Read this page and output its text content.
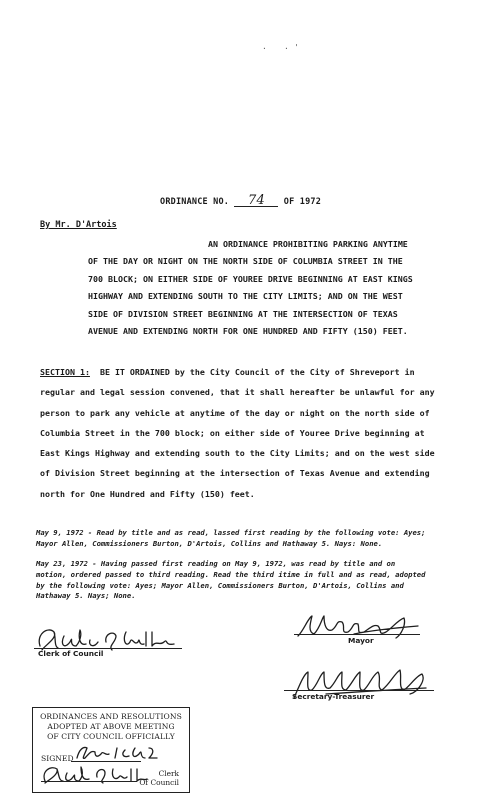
· · '
ORDINANCE NO. 74 OF 1972
By Mr. D'Artois
AN ORDINANCE PROHIBITING PARKING ANYTIME
OF THE DAY OR NIGHT ON THE NORTH SIDE OF COLUMBIA STREET IN THE
700 BLOCK; ON EITHER SIDE OF YOUREE DRIVE BEGINNING AT EAST KINGS
HIGHWAY AND EXTENDING SOUTH TO THE CITY LIMITS; AND ON THE WEST
SIDE OF DIVISION STREET BEGINNING AT THE INTERSECTION OF TEXAS
AVENUE AND EXTENDING NORTH FOR ONE HUNDRED AND FIFTY (150) FEET.
SECTION 1: BE IT ORDAINED by the City Council of the City of Shreveport in
regular and legal session convened, that it shall hereafter be unlawful for any
person to park any vehicle at anytime of the day or night on the north side of
Columbia Street in the 700 block; on either side of Youree Drive beginning at
East Kings Highway and extending south to the City Limits; and on the west side
of Division Street beginning at the intersection of Texas Avenue and extending
north for One Hundred and Fifty (150) feet.
May 9, 1972 - Read by title and as read, lassed first reading by the following vote: Ayes;
Mayor Allen, Commissioners Burton, D'Artois, Collins and Hathaway 5. Nays: None.
May 23, 1972 - Having passed first reading on May 9, 1972, was read by title and on
motion, ordered passed to third reading. Read the third itime in full and as read, adopted
by the following vote: Ayes; Mayor Allen, Commissioners Burton, D'Artois, Collins and
Hathaway 5. Nays; None.
Clerk of Council
Mayor
Secretary-Treasurer
ORDINANCES AND RESOLUTIONS
ADOPTED AT ABOVE MEETING
OF CITY COUNCIL OFFICIALLY
SIGNED
Clerk
Of Council
